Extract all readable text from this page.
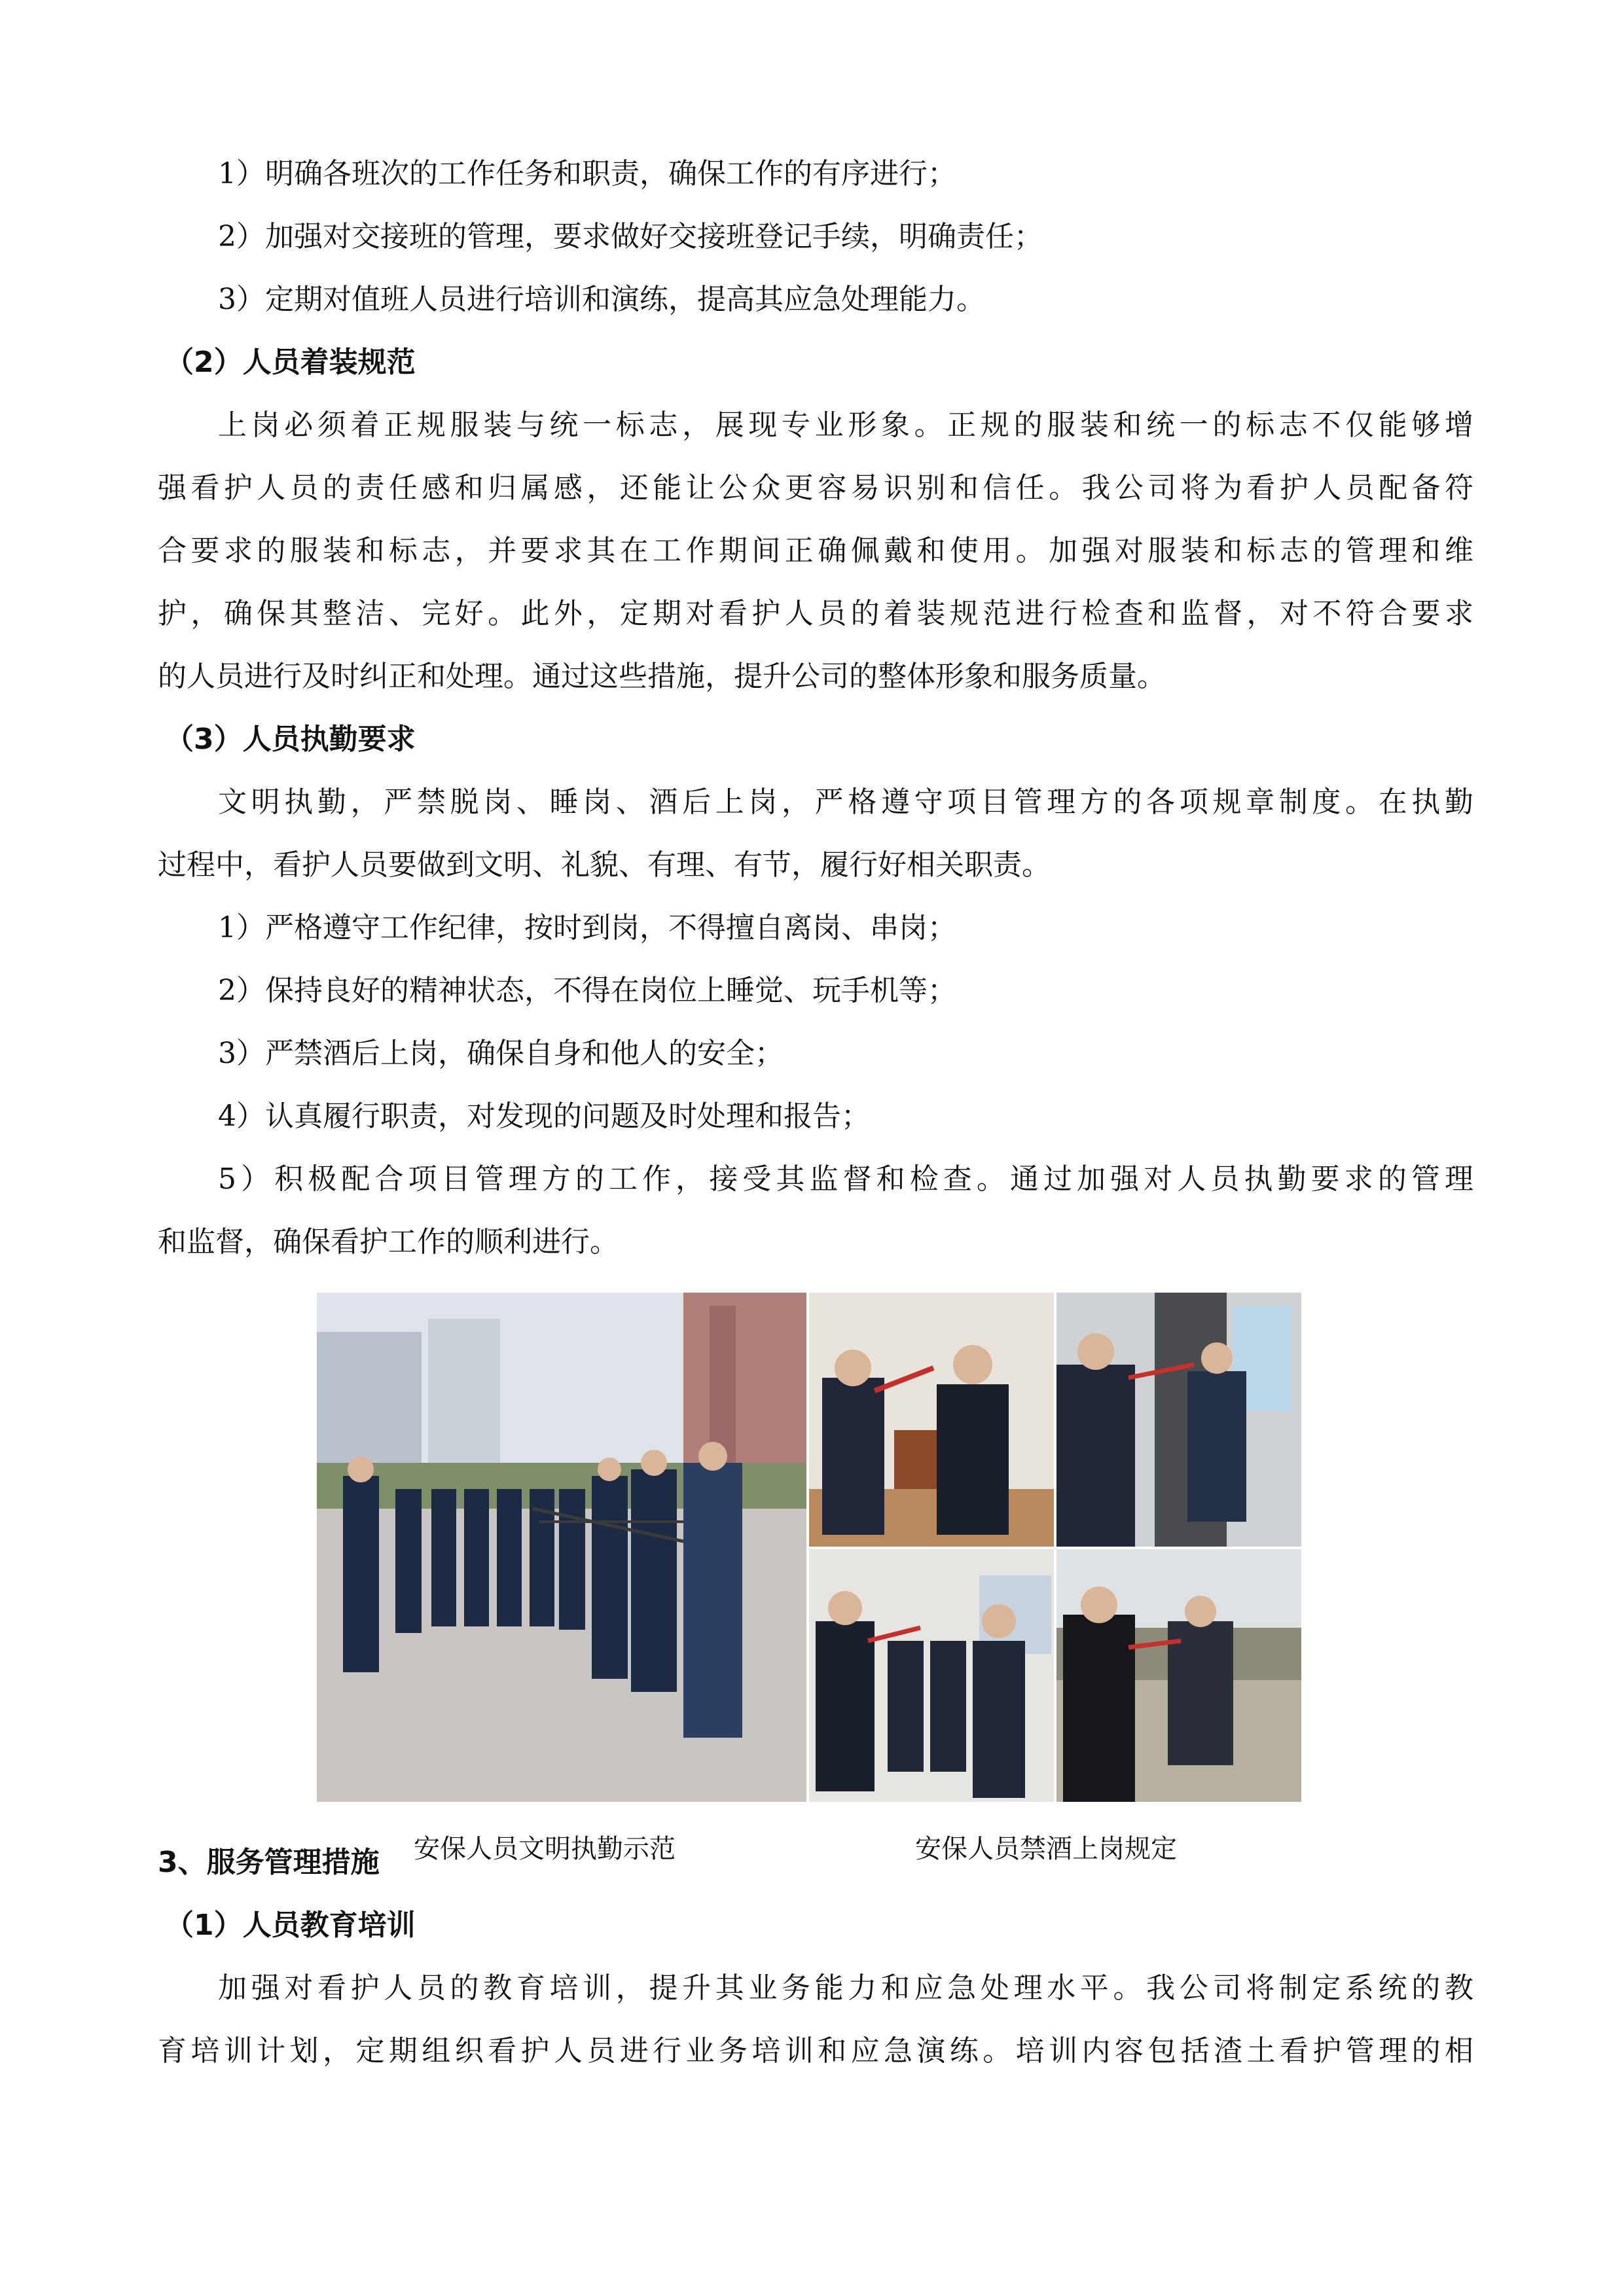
1）明确各班次的工作任务和职责，确保工作的有序进行；

2）加强对交接班的管理，要求做好交接班登记手续，明确责任；

3）定期对值班人员进行培训和演练，提高其应急处理能力。

（2）人员着装规范

上岗必须着正规服装与统一标志，展现专业形象。正规的服装和统一的标志不仅能够增

强看护人员的责任感和归属感，还能让公众更容易识别和信任。我公司将为看护人员配备符

合要求的服装和标志，并要求其在工作期间正确佩戴和使用。加强对服装和标志的管理和维

护，确保其整洁、完好。此外，定期对看护人员的着装规范进行检查和监督，对不符合要求

的人员进行及时纠正和处理。通过这些措施，提升公司的整体形象和服务质量。

（3）人员执勤要求

文明执勤，严禁脱岗、睡岗、酒后上岗，严格遵守项目管理方的各项规章制度。在执勤

过程中，看护人员要做到文明、礼貌、有理、有节，履行好相关职责。

1）严格遵守工作纪律，按时到岗，不得擅自离岗、串岗；

2）保持良好的精神状态，不得在岗位上睡觉、玩手机等；

3）严禁酒后上岗，确保自身和他人的安全；

4）认真履行职责，对发现的问题及时处理和报告；

5）积极配合项目管理方的工作，接受其监督和检查。通过加强对人员执勤要求的管理

和监督，确保看护工作的顺利进行。

安保人员文明执勤示范	安保人员禁酒上岗规定

3、服务管理措施

（1）人员教育培训

加强对看护人员的教育培训，提升其业务能力和应急处理水平。我公司将制定系统的教

育培训计划，定期组织看护人员进行业务培训和应急演练。培训内容包括渣土看护管理的相
